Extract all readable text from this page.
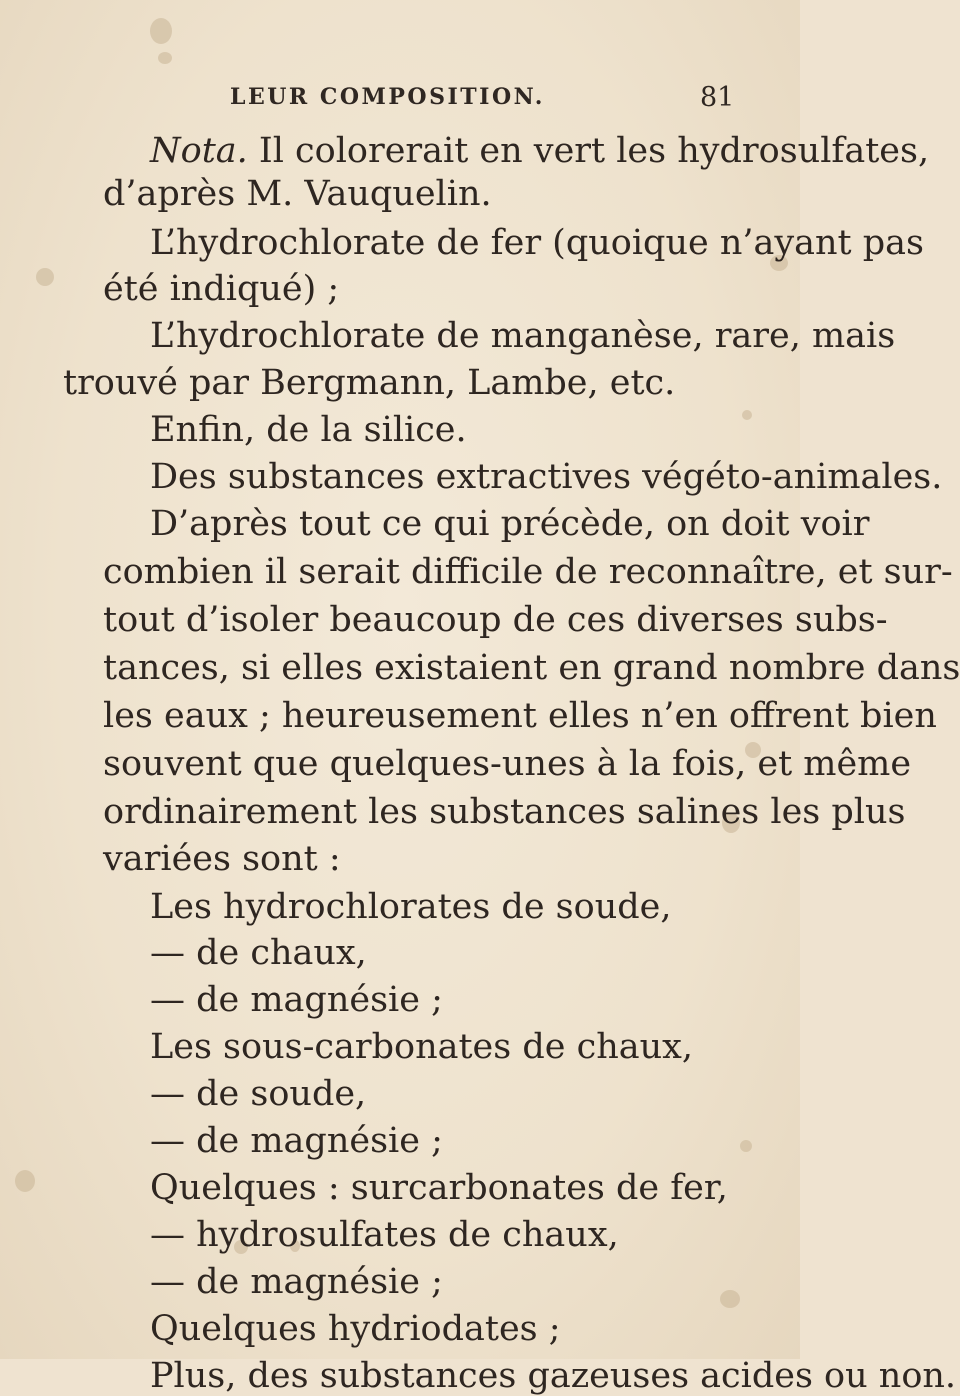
LEUR COMPOSITION.	81
Nota. Il colorerait en vert les hydrosulfates,
d’après M. Vauquelin.
L’hydrochlorate de fer (quoique n’ayant pas
été indiqué) ;
L’hydrochlorate de manganèse, rare, mais
trouvé par Bergmann, Lambe, etc.
Enfin, de la silice.
Des substances extractives végéto-animales.
D’après tout ce qui précède, on doit voir
combien il serait difficile de reconnaître, et sur-
tout d’isoler beaucoup de ces diverses subs-
tances, si elles existaient en grand nombre dans
les eaux ; heureusement elles n’en offrent bien
souvent que quelques-unes à la fois, et même
ordinairement les substances salines les plus
variées sont :
Les hydrochlorates de soude,
— de chaux,
— de magnésie ;
Les sous-carbonates de chaux,
— de soude,
— de magnésie ;
Quelques : surcarbonates de fer,
— hydrosulfates de chaux,
— de magnésie ;
Quelques hydriodates ;
Plus, des substances gazeuses acides ou non.
